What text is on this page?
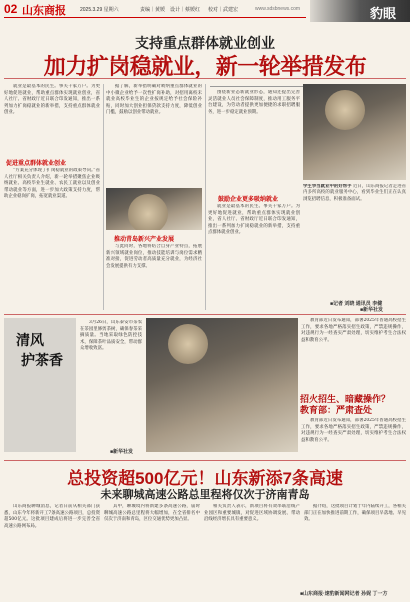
02 山东商报	2025.3.29 星期六	责编｜黄媛 设计｜蔡媛红 校对｜武建宏	www.sdsbnews.com	豹眼
支持重点群体就业创业
加力扩岗稳就业，新一轮举措发布
就业是最基本的民生。事关千家万户。为更好地促进就业，帮助重点群体实现就业创业，省人社厅、省财政厅近日联合印发通知，推出一系列加力扩岗稳就业的新举措，支持重点群体就业创业。
促进重点群体就业创业
“方案充分体现了扩岗稳就业的政策导向。”省人社厅相关负责人介绍，新一轮举措聚焦企业吸纳就业、高校毕业生就业、农民工就业以及创业带动就业等方面，进一步加大政策支持力度，帮助企业稳岗扩岗，拓宽就业渠道。
据了解，新举措明确对吸纳重点群体就业的中小微企业给予一次性扩岗补助，对招用离校未就业高校毕业生的企业按规定给予社会保险补贴，同时加大创业担保贷款支持力度，降低创业门槛，鼓励以创业带动就业。
推动青岛新兴产业发展
与此同时，各地将结合自身产业特点，拓展新兴领域就业岗位，推动技能培训与岗位需求精准对接，促进劳动者高质量充分就业，为经济社会发展提供有力支撑。
围绕新业态新就业形态，通知还提出完善灵活就业人员社会保障制度，推动用工服务平台建设，为劳动者提供更加便捷的求职招聘服务，进一步稳定就业预期。
鼓励企业更多吸纳就业
就业是最基本的民生。事关千家万户。为更好地促进就业，帮助重点群体实现就业创业，省人社厅、省财政厅近日联合印发通知，推出一系列加力扩岗稳就业的新举措，支持重点群体就业创业。
■记者 刘晓 通讯员 李健
学生争当就业中的好帮手 近日，山东商报记者走进省内多所高校的就业服务中心，看到毕业生们正在认真浏览招聘信息，积极准备面试。
■新华社发
清风
护茶香
3月26日，山东泰安市茶农在茶园里修剪茶树，确保春茶采摘质量。当地采取绿色防控技术，保障茶叶品质安全，带动群众增收致富。
■新华社发
教育部近日发布通知，部署2025年普通高校招生工作，要求各地严格落实招生政策，严禁违规操作，对违规行为一经查实严肃处理，切实维护考生合法权益和教育公平。
招火招生、暗藏操作？
教育部：严肃查处
教育部近日发布通知，部署2025年普通高校招生工作，要求各地严格落实招生政策，严禁违规操作，对违规行为一经查实严肃处理，切实维护考生合法权益和教育公平。
总投资超500亿元！山东新添7条高速
未来聊城高速公路总里程将仅次于济南青岛
山东商报聊城消息，记者日前从相关部门获悉，山东今年将新开工7条高速公路项目，总投资超500亿元。这批项目建成后将进一步完善全省高速公路网布局。
其中，聊城境内将新建多条高速公路，届时聊城高速公路总里程将大幅增加，在全省排名中仅次于济南和青岛，区位交通优势更加凸显。
相关负责人表示，新项目将有效串联沿线产业园区和重要城镇，对促进区域协调发展、带动沿线经济增长具有重要意义。
据介绍，这批项目计划于年内陆续开工，各相关部门正在加快推进前期工作，确保项目早落地、早见效。
■山东商报·速豹新闻网记者 孙妮 丁一方
